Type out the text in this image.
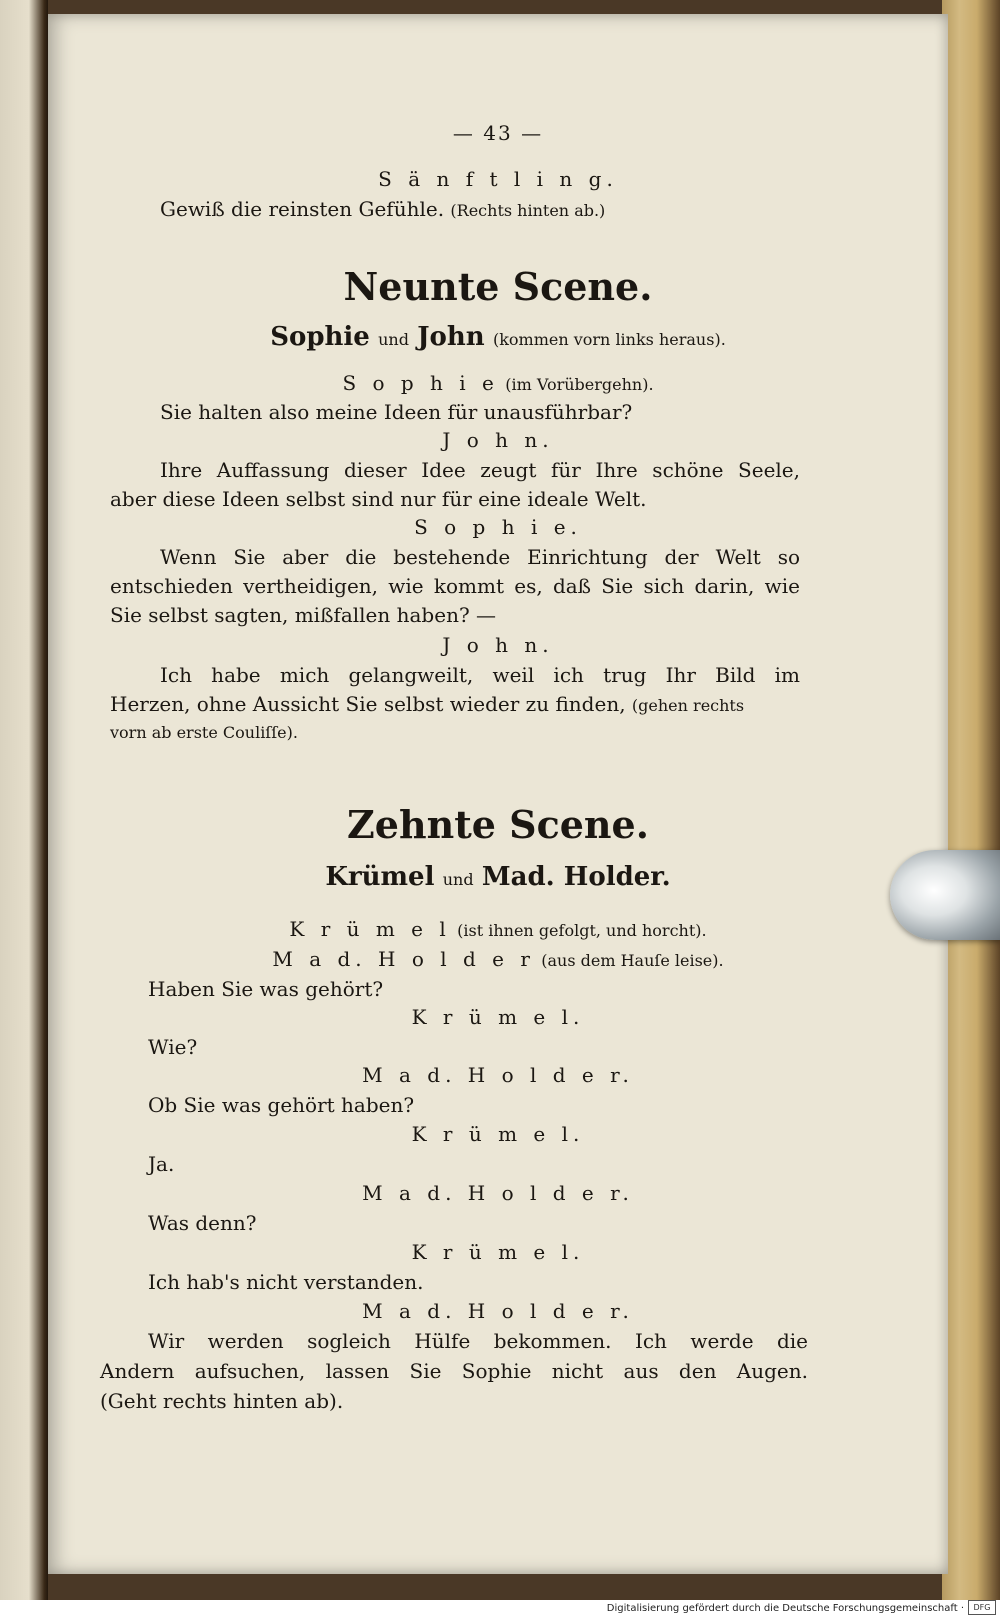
— 43 —
S ä n f t l i n g.
Gewiß die reinsten Gefühle. (Rechts hinten ab.)
Neunte Scene.
Sophie und John (kommen vorn links heraus).
S o p h i e (im Vorübergehn).
Sie halten also meine Ideen für unausführbar?
J o h n.
Ihre Auffassung dieser Idee zeugt für Ihre schöne Seele,
aber diese Ideen selbst sind nur für eine ideale Welt.
S o p h i e.
Wenn Sie aber die bestehende Einrichtung der Welt so
entschieden vertheidigen, wie kommt es, daß Sie sich darin, wie
Sie selbst sagten, mißfallen haben? —
J o h n.
Ich habe mich gelangweilt, weil ich trug Ihr Bild im
Herzen, ohne Aussicht Sie selbst wieder zu finden, (gehen rechts
vorn ab erste Couliſſe).
Zehnte Scene.
Krümel und Mad. Holder.
K r ü m e l (ist ihnen gefolgt, und horcht).
M a d. H o l d e r (aus dem Hauſe leise).
Haben Sie was gehört?
K r ü m e l.
Wie?
M a d. H o l d e r.
Ob Sie was gehört haben?
K r ü m e l.
Ja.
M a d. H o l d e r.
Was denn?
K r ü m e l.
Ich hab's nicht verstanden.
M a d. H o l d e r.
Wir werden sogleich Hülfe bekommen. Ich werde die
Andern aufsuchen, lassen Sie Sophie nicht aus den Augen.
(Geht rechts hinten ab).
Digitalisierung gefördert durch die Deutsche Forschungsgemeinschaft ·	DFG
